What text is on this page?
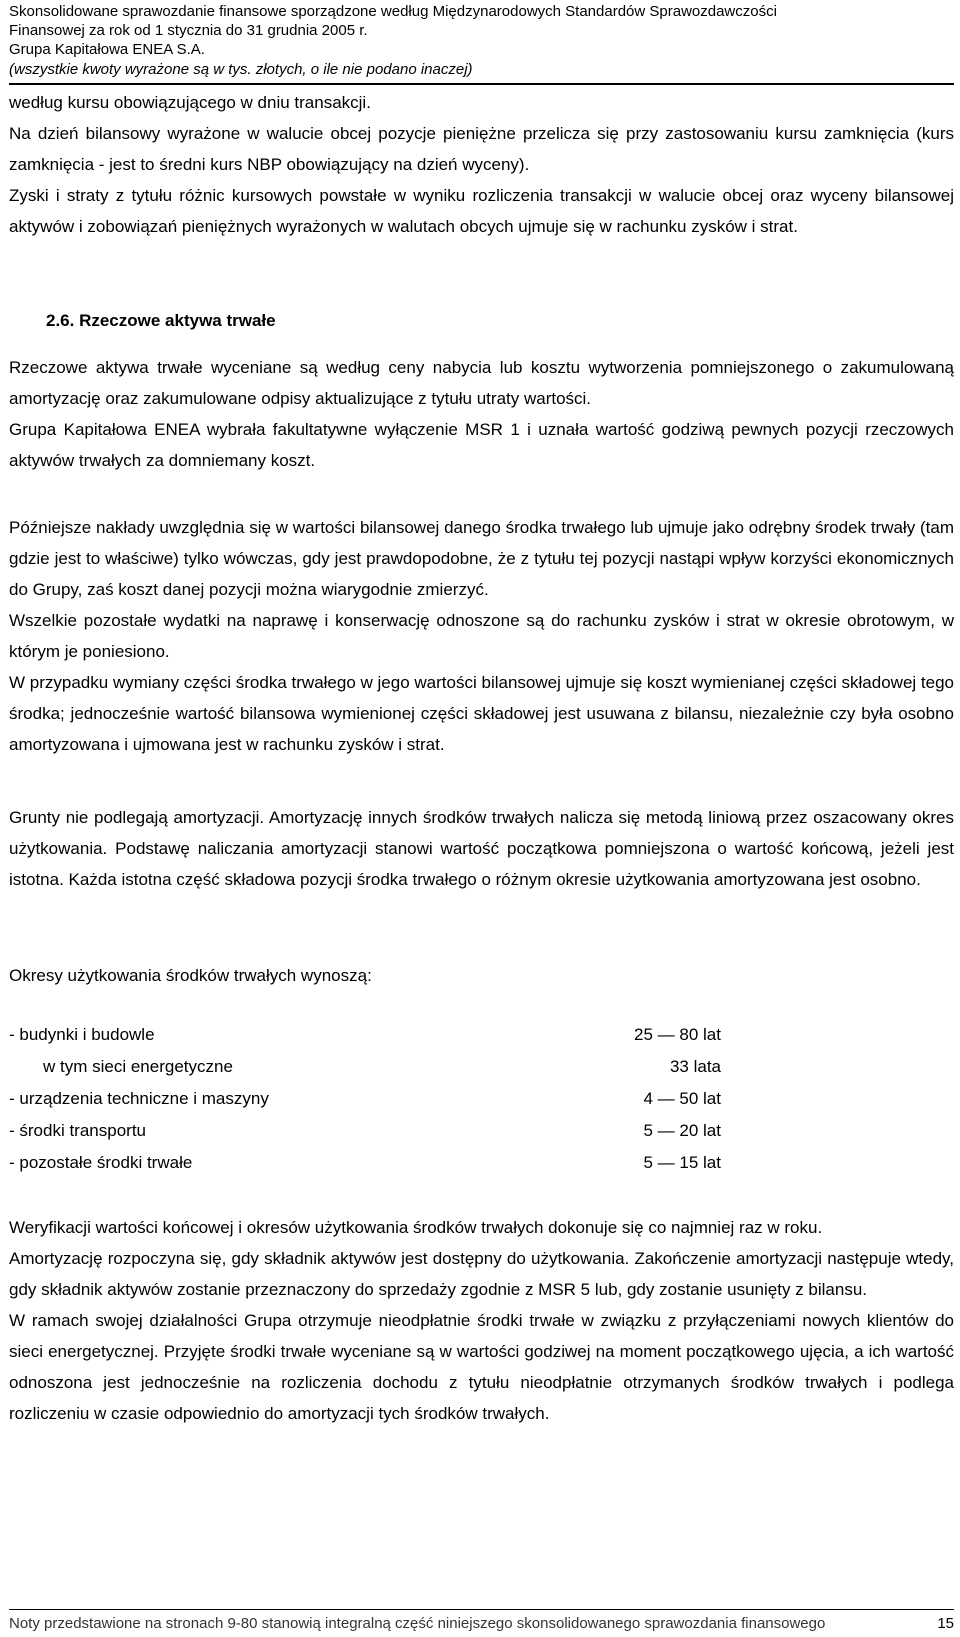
Skonsolidowane sprawozdanie finansowe sporządzone według Międzynarodowych Standardów Sprawozdawczości
Finansowej za rok od 1 stycznia do 31 grudnia 2005 r.
Grupa Kapitałowa ENEA S.A.
(wszystkie kwoty wyrażone są w tys. złotych, o ile nie podano inaczej)

według kursu obowiązującego w dniu transakcji.

Na dzień bilansowy wyrażone w walucie obcej pozycje pieniężne przelicza się przy zastosowaniu kursu zamknięcia (kurs zamknięcia - jest to średni kurs NBP obowiązujący na dzień wyceny).

Zyski i straty z tytułu różnic kursowych powstałe w wyniku rozliczenia transakcji w walucie obcej oraz wyceny bilansowej aktywów i zobowiązań pieniężnych wyrażonych w walutach obcych ujmuje się w rachunku zysków i strat.

2.6. Rzeczowe aktywa trwałe

Rzeczowe aktywa trwałe wyceniane są według ceny nabycia lub kosztu wytworzenia pomniejszonego o zakumulowaną amortyzację oraz zakumulowane odpisy aktualizujące z tytułu utraty wartości.

Grupa Kapitałowa ENEA wybrała fakultatywne wyłączenie MSR 1 i uznała wartość godziwą pewnych pozycji rzeczowych aktywów trwałych za domniemany koszt.

Późniejsze nakłady uwzględnia się w wartości bilansowej danego środka trwałego lub ujmuje jako odrębny środek trwały (tam gdzie jest to właściwe) tylko wówczas, gdy jest prawdopodobne, że z tytułu tej pozycji nastąpi wpływ korzyści ekonomicznych do Grupy, zaś koszt danej pozycji można wiarygodnie zmierzyć.

Wszelkie pozostałe wydatki na naprawę i konserwację odnoszone są do rachunku zysków i strat w okresie obrotowym, w którym je poniesiono.

W przypadku wymiany części środka trwałego w jego wartości bilansowej ujmuje się koszt wymienianej części składowej tego środka; jednocześnie wartość bilansowa wymienionej części składowej jest usuwana z bilansu, niezależnie czy była osobno amortyzowana i ujmowana jest w rachunku zysków i strat.

Grunty nie podlegają amortyzacji. Amortyzację innych środków trwałych nalicza się metodą liniową przez oszacowany okres użytkowania. Podstawę naliczania amortyzacji stanowi wartość początkowa pomniejszona o wartość końcową, jeżeli jest istotna. Każda istotna część składowa pozycji środka trwałego o różnym okresie użytkowania amortyzowana jest osobno.

Okresy użytkowania środków trwałych wynoszą:

- budynki i budowle	25 — 80 lat
w tym sieci energetyczne	33 lata
- urządzenia techniczne i maszyny	4 — 50 lat
- środki transportu	5 — 20 lat
- pozostałe środki trwałe	5 — 15 lat

Weryfikacji wartości końcowej i okresów użytkowania środków trwałych dokonuje się co najmniej raz w roku.

Amortyzację rozpoczyna się, gdy składnik aktywów jest dostępny do użytkowania. Zakończenie amortyzacji następuje wtedy, gdy składnik aktywów zostanie przeznaczony do sprzedaży zgodnie z MSR 5 lub, gdy zostanie usunięty z bilansu.

W ramach swojej działalności Grupa otrzymuje nieodpłatnie środki trwałe w związku z przyłączeniami nowych klientów do sieci energetycznej. Przyjęte środki trwałe wyceniane są w wartości godziwej na moment początkowego ujęcia, a ich wartość odnoszona jest jednocześnie na rozliczenia dochodu z tytułu nieodpłatnie otrzymanych środków trwałych i podlega rozliczeniu w czasie odpowiednio do amortyzacji tych środków trwałych.

Noty przedstawione na stronach 9-80 stanowią integralną część niniejszego skonsolidowanego sprawozdania finansowego	15
